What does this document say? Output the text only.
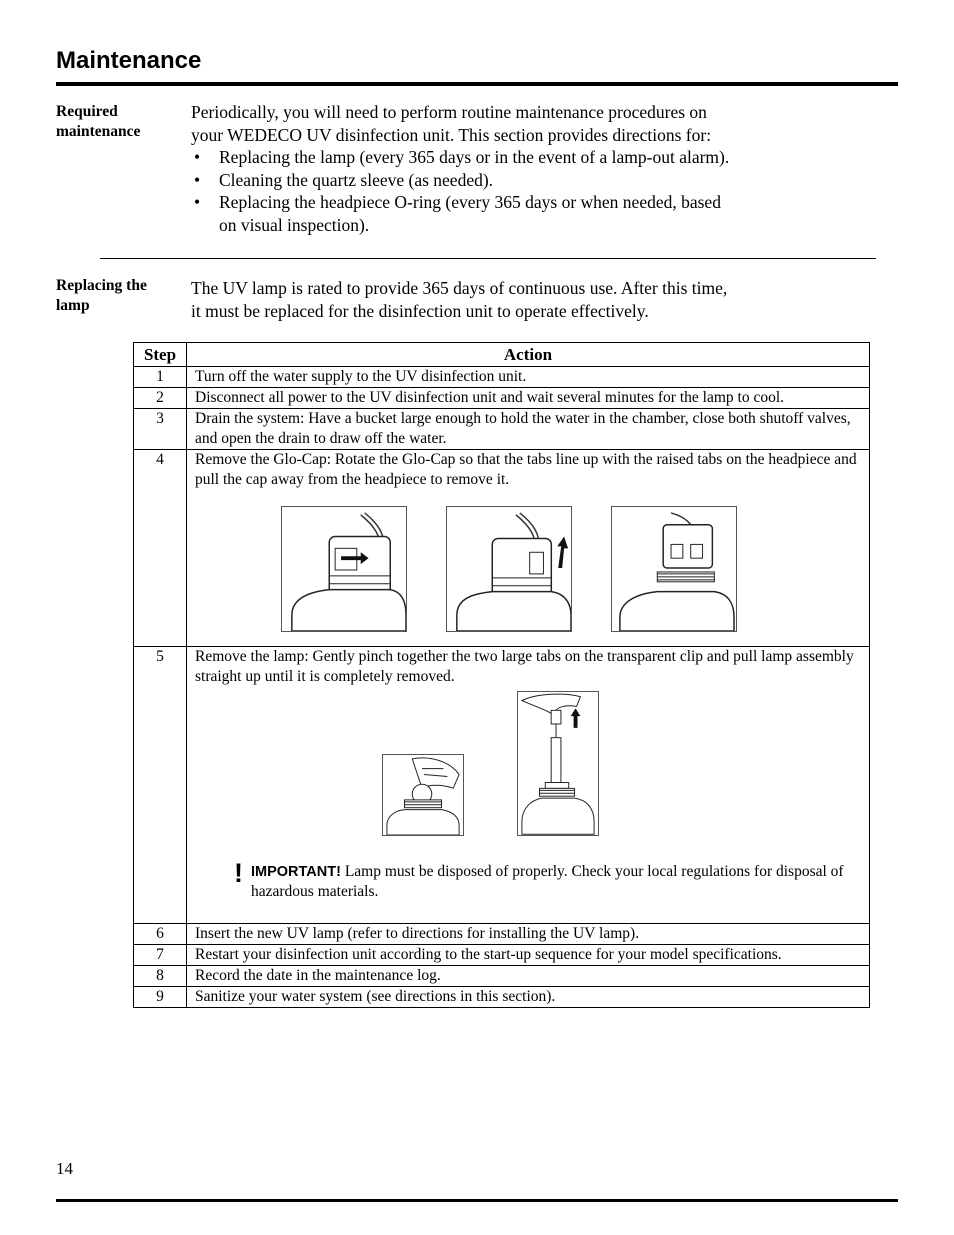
Maintenance
Required
maintenance

Periodically, you will need to perform routine maintenance procedures on

your WEDECO UV disinfection unit. This section provides directions for:

• Replacing the lamp (every 365 days or in the event of a lamp-out alarm).
• Cleaning the quartz sleeve (as needed).
• Replacing the headpiece O-ring (every 365 days or when needed, based
on visual inspection).
Replacing the
lamp

The UV lamp is rated to provide 365 days of continuous use. After this time,

it must be replaced for the disinfection unit to operate effectively.

Step	Action
1	Turn off the water supply to the UV disinfection unit.
2	Disconnect all power to the UV disinfection unit and wait several minutes for the lamp to cool.
3	Drain the system: Have a bucket large enough to hold the water in the chamber, close both shutoff valves, and open the drain to draw off the water.
4	Remove the Glo-Cap: Rotate the Glo-Cap so that the tabs line up with the raised tabs on the headpiece and pull the cap away from the headpiece to remove it.

5	Remove the lamp: Gently pinch together the two large tabs on the transparent clip and pull lamp assembly straight up until it is completely removed.
! IMPORTANT! Lamp must be disposed of properly. Check your local regulations for disposal of hazardous materials.

6	Insert the new UV lamp (refer to directions for installing the UV lamp).
7	Restart your disinfection unit according to the start-up sequence for your model specifications.
8	Record the date in the maintenance log.
9	Sanitize your water system (see directions in this section).
14
